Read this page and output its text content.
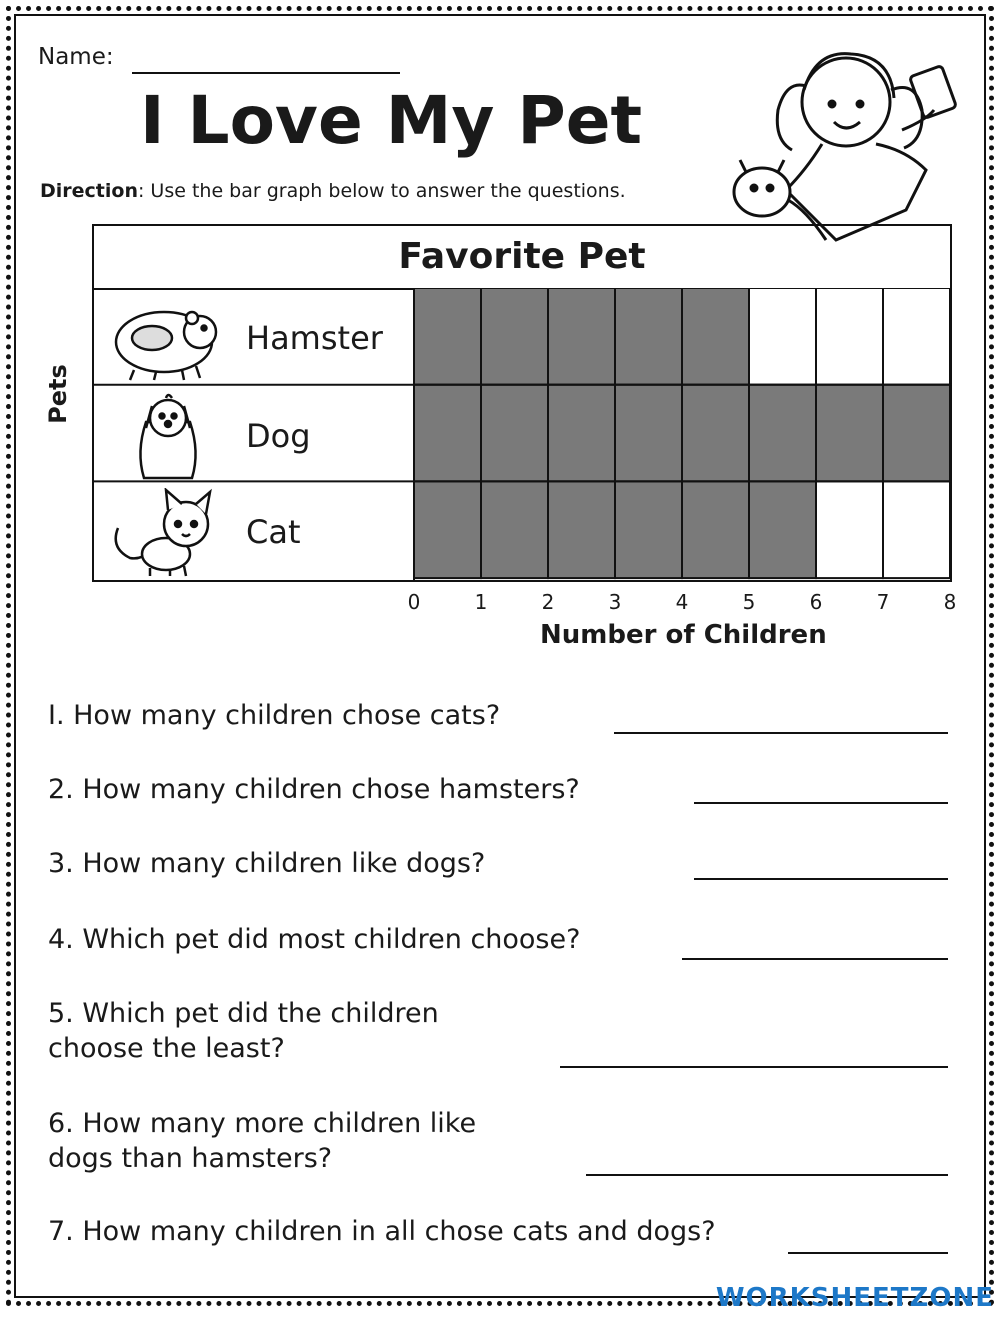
Name:
I Love My Pet
Direction: Use the bar graph below to answer the questions.
Favorite Pet
Hamster
Dog
Cat
Pets
0	1	2	3	4	5	6	7	8
Number of Children
I. How many children chose cats?
2. How many children chose hamsters?
3. How many children like dogs?
4. Which pet did most children choose?
5. Which pet did the children
choose the least?
6. How many more children like
dogs than hamsters?
7. How many children in all chose cats and dogs?
WORKSHEETZONE
